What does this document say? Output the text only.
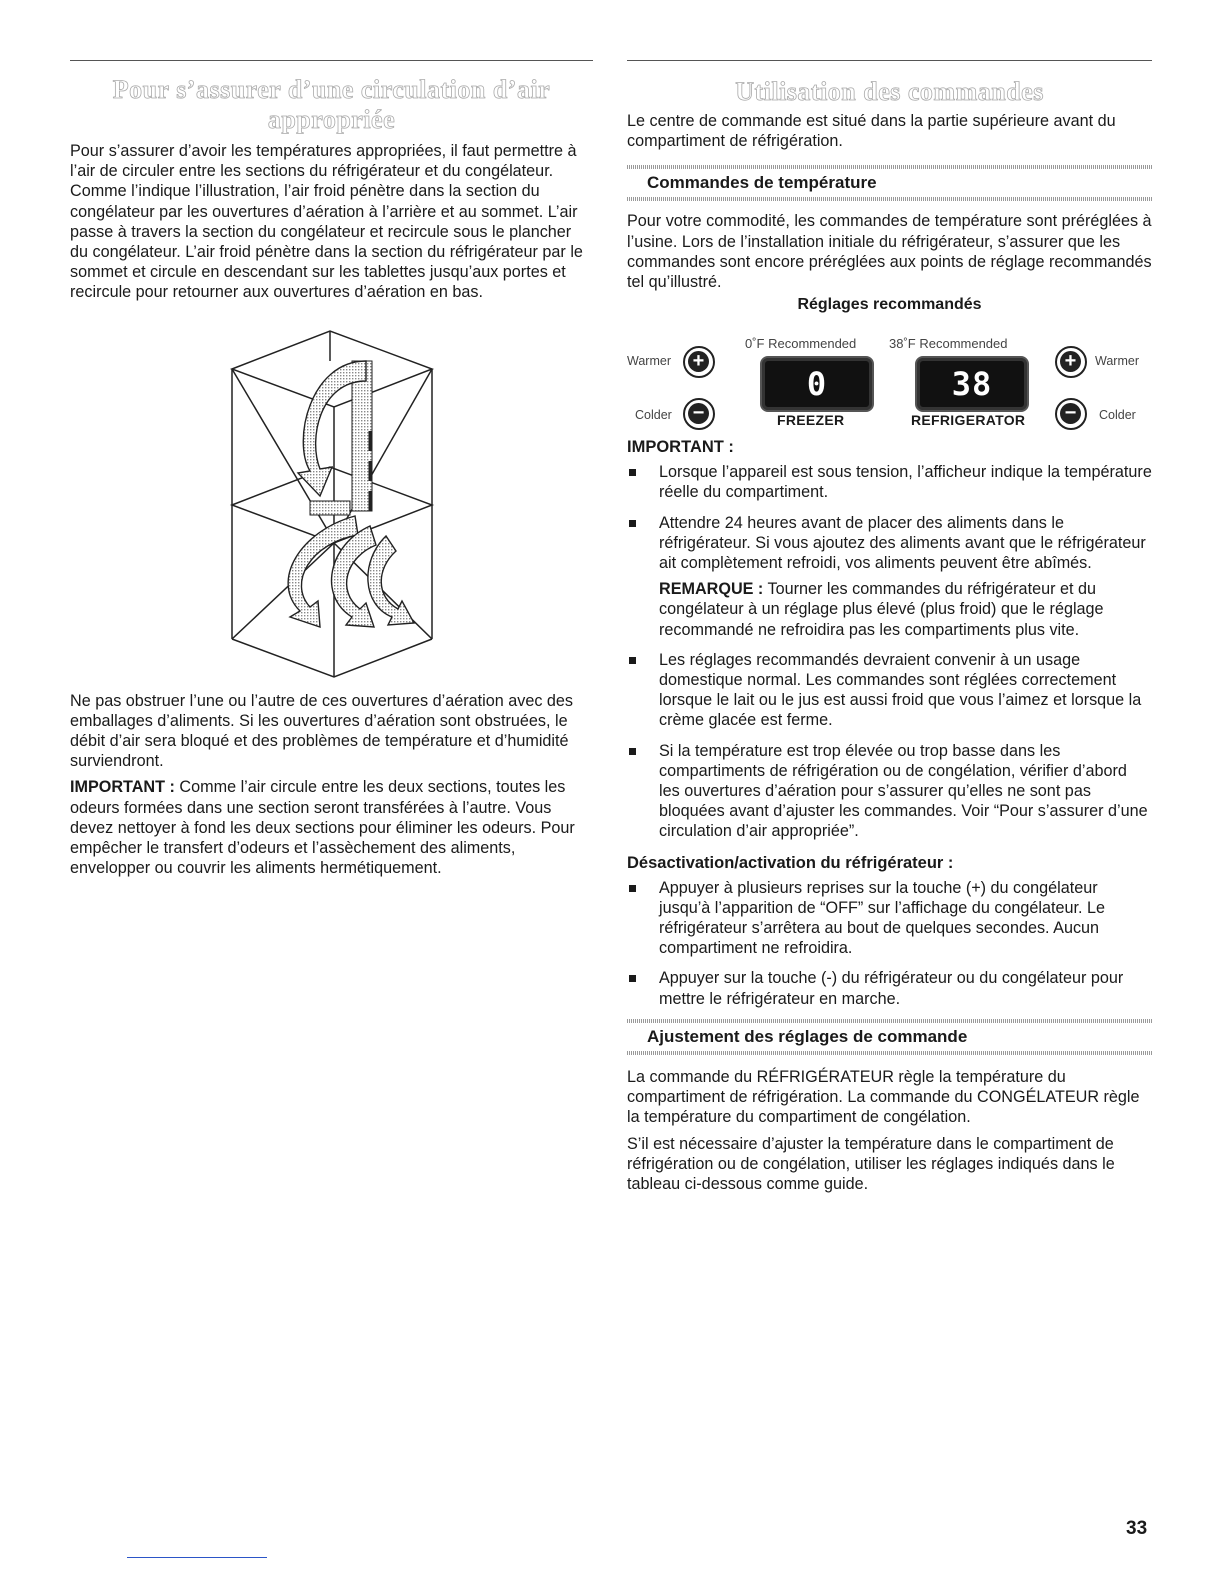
Pour s’assurer d’une circulation d’air appropriée

Pour s’assurer d’avoir les températures appropriées, il faut permettre à l’air de circuler entre les sections du réfrigérateur et du congélateur. Comme l’indique l’illustration, l’air froid pénètre dans la section du congélateur par les ouvertures d’aération à l’arrière et au sommet. L’air passe à travers la section du congélateur et recircule sous le plancher du congélateur. L’air froid pénètre dans la section du réfrigérateur par le sommet et circule en descendant sur les tablettes jusqu’aux portes et recircule pour retourner aux ouvertures d’aération en bas.

Ne pas obstruer l’une ou l’autre de ces ouvertures d’aération avec des emballages d’aliments. Si les ouvertures d’aération sont obstruées, le débit d’air sera bloqué et des problèmes de température et d’humidité surviendront.

IMPORTANT : Comme l’air circule entre les deux sections, toutes les odeurs formées dans une section seront transférées à l’autre. Vous devez nettoyer à fond les deux sections pour éliminer les odeurs. Pour empêcher le transfert d’odeurs et l’assèchement des aliments, envelopper ou couvrir les aliments hermétiquement.

Utilisation des commandes

Le centre de commande est situé dans la partie supérieure avant du compartiment de réfrigération.

Commandes de température

Pour votre commodité, les commandes de température sont préréglées à l’usine. Lors de l’installation initiale du réfrigérateur, s’assurer que les commandes sont encore préréglées aux points de réglage recommandés tel qu’illustré.

Réglages recommandés
Warmer +
Colder −
0˚F Recommended
0
FREEZER
38˚F Recommended
38
REFRIGERATOR
+	Warmer
−	Colder
IMPORTANT :

Lorsque l’appareil est sous tension, l’afficheur indique la température réelle du compartiment.

Attendre 24 heures avant de placer des aliments dans le réfrigérateur. Si vous ajoutez des aliments avant que le réfrigérateur ait complètement refroidi, vos aliments peuvent être abîmés.

REMARQUE : Tourner les commandes du réfrigérateur et du congélateur à un réglage plus élevé (plus froid) que le réglage recommandé ne refroidira pas les compartiments plus vite.

Les réglages recommandés devraient convenir à un usage domestique normal. Les commandes sont réglées correctement lorsque le lait ou le jus est aussi froid que vous l’aimez et lorsque la crème glacée est ferme.

Si la température est trop élevée ou trop basse dans les compartiments de réfrigération ou de congélation, vérifier d’abord les ouvertures d’aération pour s’assurer qu’elles ne sont pas bloquées avant d’ajuster les commandes. Voir “Pour s’assurer d’une circulation d’air appropriée”.

Désactivation/activation du réfrigérateur :

Appuyer à plusieurs reprises sur la touche (+) du congélateur jusqu’à l’apparition de “OFF” sur l’affichage du congélateur. Le réfrigérateur s’arrêtera au bout de quelques secondes. Aucun compartiment ne refroidira.

Appuyer sur la touche (-) du réfrigérateur ou du congélateur pour mettre le réfrigérateur en marche.

Ajustement des réglages de commande

La commande du RÉFRIGÉRATEUR règle la température du compartiment de réfrigération. La commande du CONGÉLATEUR règle la température du compartiment de congélation.

S’il est nécessaire d’ajuster la température dans le compartiment de réfrigération ou de congélation, utiliser les réglages indiqués dans le tableau ci-dessous comme guide.

33
